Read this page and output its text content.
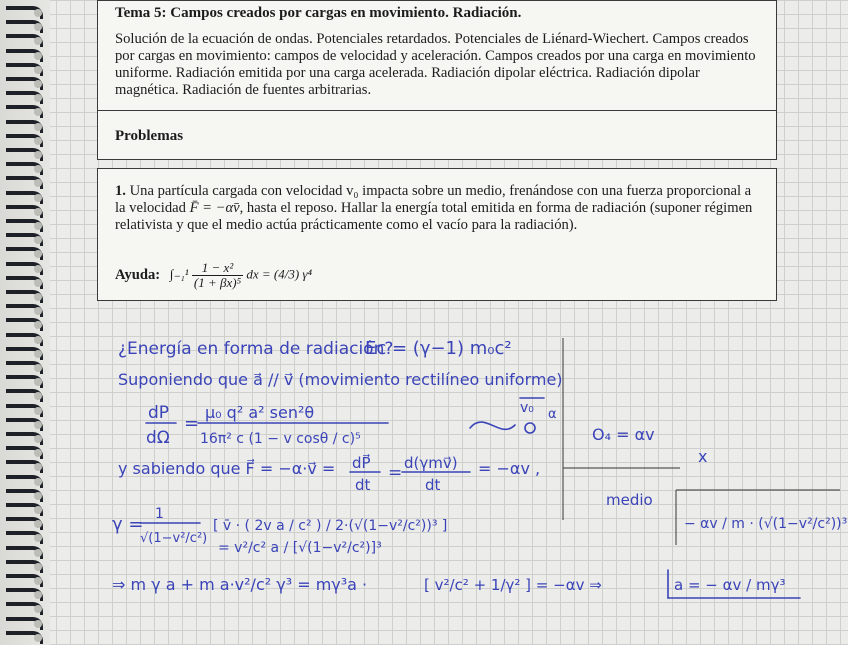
Tema 5: Campos creados por cargas en movimiento. Radiación.
Solución de la ecuación de ondas. Potenciales retardados. Potenciales de Liénard-Wiechert. Campos creados por cargas en movimiento: campos de velocidad y aceleración. Campos creados por una carga en movimiento uniforme. Radiación emitida por una carga acelerada. Radiación dipolar eléctrica. Radiación dipolar magnética. Radiación de fuentes arbitrarias.
Problemas
1. Una partícula cargada con velocidad v₀ impacta sobre un medio, frenándose con una fuerza proporcional a la velocidad F̄ = −αv̄, hasta el reposo. Hallar la energía total emitida en forma de radiación (suponer régimen relativista y que el medio actúa prácticamente como el vacío para la radiación).
Ayuda: $\int_{-1}^1 \frac{\text{1 − x²}}{\text{(1 + βx)⁵}}$ dx = (4/3) γ⁴
¿Energía en forma de radiación?
Ec = (γ−1) m₀c²
Suponiendo que a⃗ // v⃗ (movimiento rectilíneo uniforme)
dP
dΩ
=
μ₀ q² a² sen²θ
16π² c (1 − v cosθ / c)⁵
v₀ α
O₄ = αv
x
y sabiendo que F⃗ = −α·v⃗ = dP⃗
dt
= d(γmv⃗)
dt
= −αv ,
medio
− αv / m · (√(1−v²/c²))³
γ = 1
√(1−v²/c²)
[ v̄ · ( 2v a / c² ) / 2·(√(1−v²/c²))³ ]
= v²/c² a / [√(1−v²/c²)]³
⇒ m γ a + m a·v²/c² γ³ = mγ³a ·	[ v²/c² + 1/γ² ] = −αv ⇒	a = − αv / mγ³
